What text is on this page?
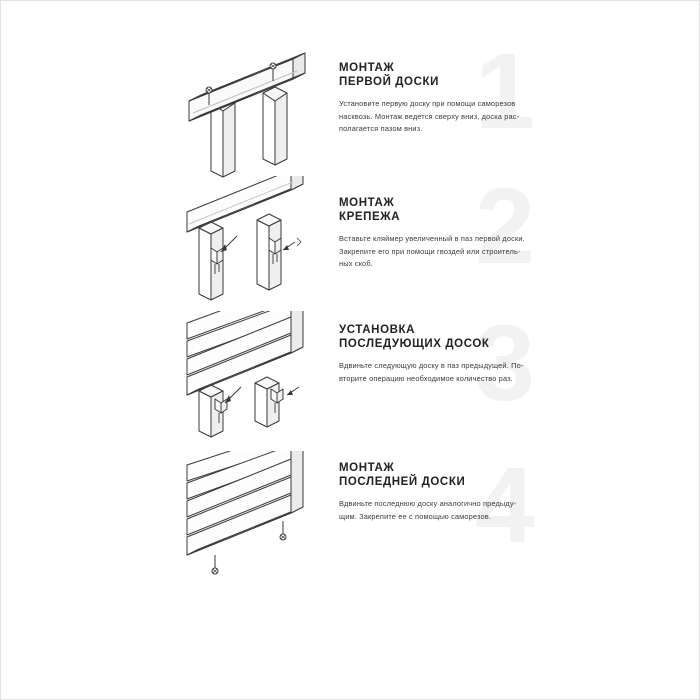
1
МОНТАЖ
ПЕРВОЙ ДОСКИ

Установите первую доску при помощи саморезов
насквозь. Монтаж ведется сверху вниз, доска рас-
полагается пазом вниз.

2
МОНТАЖ
КРЕПЕЖА

Вставьте кляймер увеличенный в паз первой доски.
Закрепите его при помощи гвоздей или строитель-
ных скоб.

3
УСТАНОВКА
ПОСЛЕДУЮЩИХ ДОСОК

Вдвиньте следующую доску в паз предыдущей. По-
вторите операцию необходимое количество раз.

4
МОНТАЖ
ПОСЛЕДНЕЙ ДОСКИ

Вдвиньте последнюю доску аналогично предыду-
щим. Закрепите ее с помощью саморезов.
